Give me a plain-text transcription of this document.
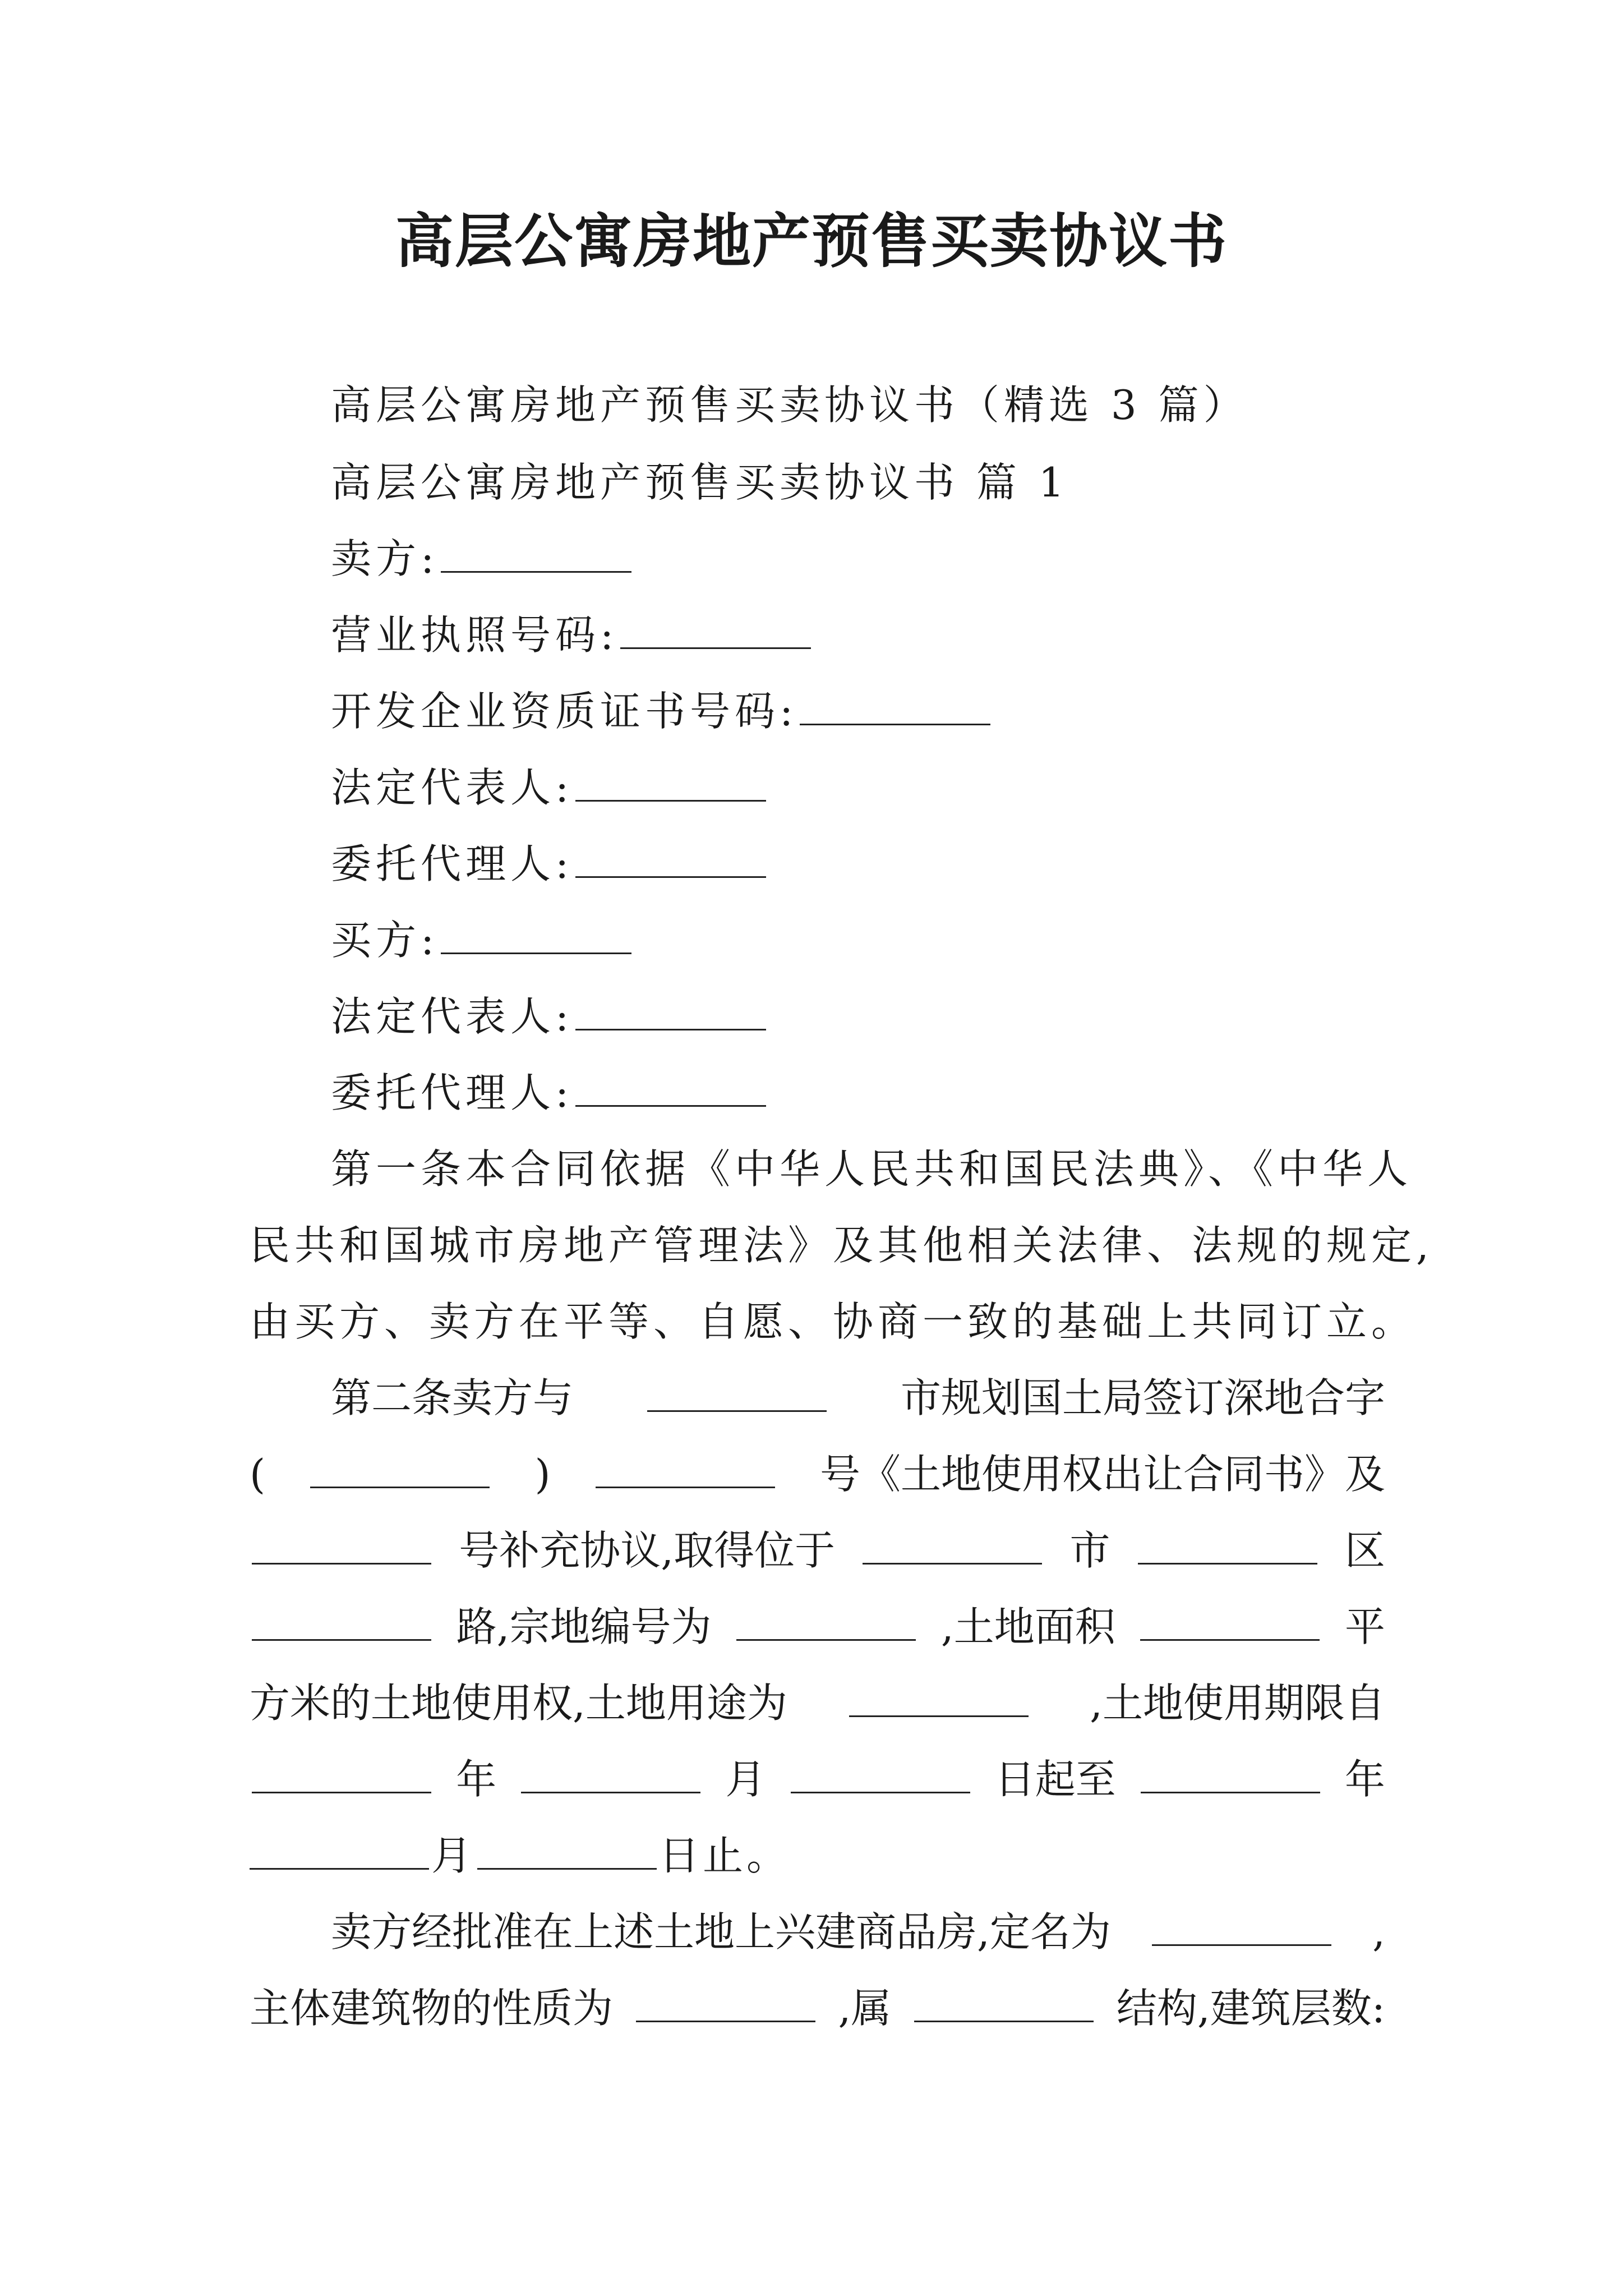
高层公寓房地产预售买卖协议书
高层公寓房地产预售买卖协议书（精选 3 篇）
高层公寓房地产预售买卖协议书 篇 1
卖方:
营业执照号码:
开发企业资质证书号码:
法定代表人:
委托代理人:
买方:
法定代表人:
委托代理人:
第一条本合同依据《中华人民共和国民法典》、《中华人
民共和国城市房地产管理法》及其他相关法律、法规的规定,
由买方、卖方在平等、自愿、协商一致的基础上共同订立。
第二条卖方与	市规划国土局签订深地合字
(	)	号《土地使用权出让合同书》及
号补充协议,取得位于	市	区
路,宗地编号为	,土地面积	平
方米的土地使用权,土地用途为	,土地使用期限自
年	月	日起至	年
月	日止。
卖方经批准在上述土地上兴建商品房,定名为	,
主体建筑物的性质为	,属	结构,建筑层数:
